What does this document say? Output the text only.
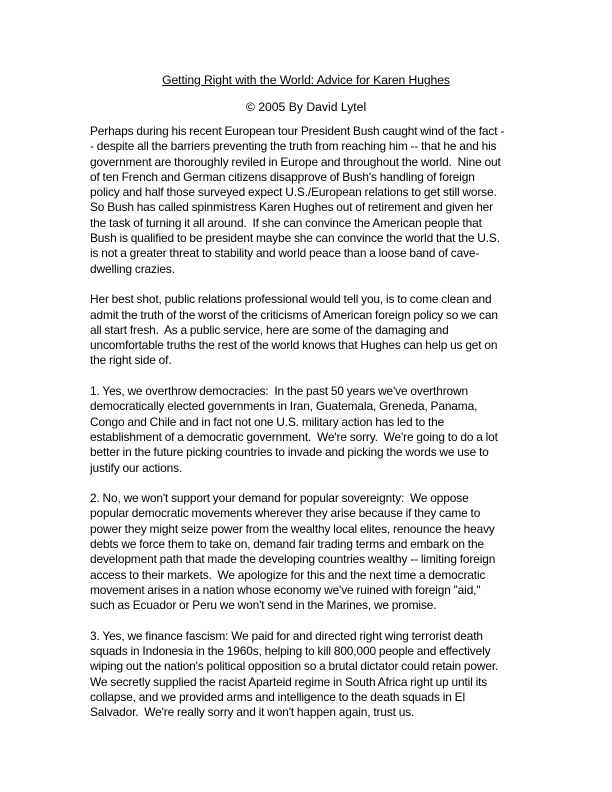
Getting Right with the World: Advice for Karen Hughes
© 2005 By David Lytel
Perhaps during his recent European tour President Bush caught wind of the fact -
- despite all the barriers preventing the truth from reaching him -- that he and his
government are thoroughly reviled in Europe and throughout the world.  Nine out
of ten French and German citizens disapprove of Bush's handling of foreign
policy and half those surveyed expect U.S./European relations to get still worse.
So Bush has called spinmistress Karen Hughes out of retirement and given her
the task of turning it all around.  If she can convince the American people that
Bush is qualified to be president maybe she can convince the world that the U.S.
is not a greater threat to stability and world peace than a loose band of cave-
dwelling crazies.
Her best shot, public relations professional would tell you, is to come clean and
admit the truth of the worst of the criticisms of American foreign policy so we can
all start fresh.  As a public service, here are some of the damaging and
uncomfortable truths the rest of the world knows that Hughes can help us get on
the right side of.
1. Yes, we overthrow democracies:  In the past 50 years we've overthrown
democratically elected governments in Iran, Guatemala, Greneda, Panama,
Congo and Chile and in fact not one U.S. military action has led to the
establishment of a democratic government.  We're sorry.  We're going to do a lot
better in the future picking countries to invade and picking the words we use to
justify our actions.
2. No, we won't support your demand for popular sovereignty:  We oppose
popular democratic movements wherever they arise because if they came to
power they might seize power from the wealthy local elites, renounce the heavy
debts we force them to take on, demand fair trading terms and embark on the
development path that made the developing countries wealthy -- limiting foreign
access to their markets.  We apologize for this and the next time a democratic
movement arises in a nation whose economy we've ruined with foreign "aid,"
such as Ecuador or Peru we won't send in the Marines, we promise.
3. Yes, we finance fascism: We paid for and directed right wing terrorist death
squads in Indonesia in the 1960s, helping to kill 800,000 people and effectively
wiping out the nation's political opposition so a brutal dictator could retain power.
We secretly supplied the racist Aparteid regime in South Africa right up until its
collapse, and we provided arms and intelligence to the death squads in El
Salvador.  We're really sorry and it won't happen again, trust us.
